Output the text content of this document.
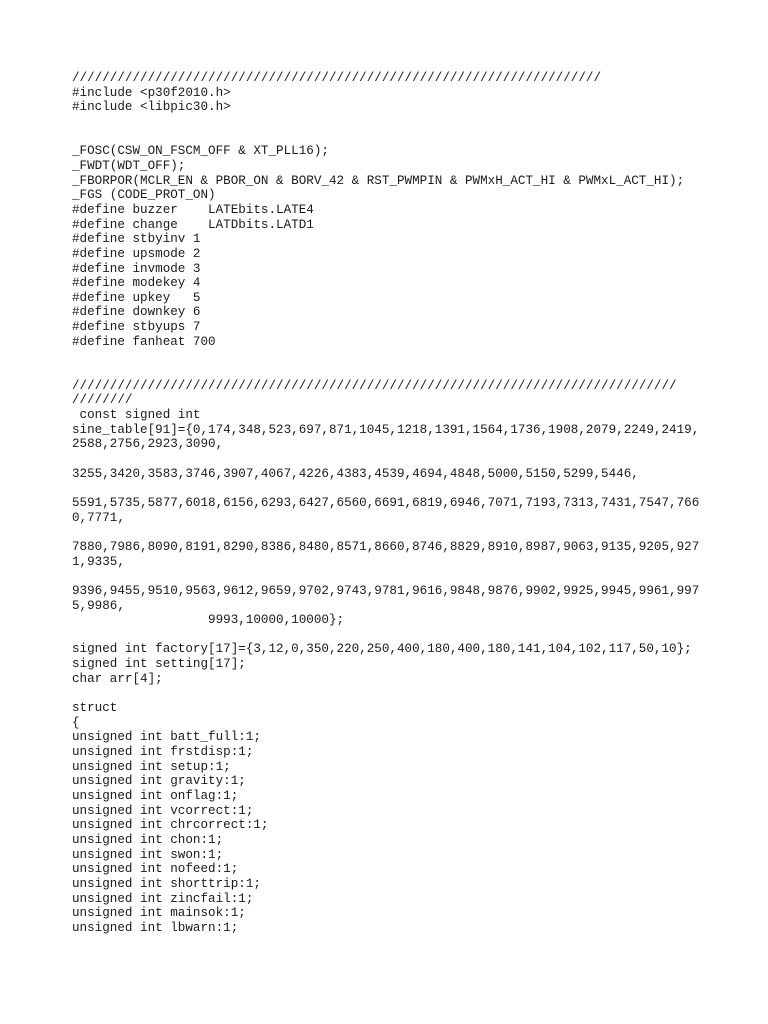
//////////////////////////////////////////////////////////////////////
#include <p30f2010.h>
#include <libpic30.h>
_FOSC(CSW_ON_FSCM_OFF & XT_PLL16);
_FWDT(WDT_OFF);
_FBORPOR(MCLR_EN & PBOR_ON & BORV_42 & RST_PWMPIN & PWMxH_ACT_HI & PWMxL_ACT_HI);
_FGS (CODE_PROT_ON)
#define buzzer    LATEbits.LATE4
#define change    LATDbits.LATD1
#define stbyinv 1
#define upsmode 2
#define invmode 3
#define modekey 4
#define upkey   5
#define downkey 6
#define stbyups 7
#define fanheat 700
////////////////////////////////////////////////////////////////////////////////
////////
const signed int
sine_table[91]={0,174,348,523,697,871,1045,1218,1391,1564,1736,1908,2079,2249,2419,
2588,2756,2923,3090,
3255,3420,3583,3746,3907,4067,4226,4383,4539,4694,4848,5000,5150,5299,5446,
5591,5735,5877,6018,6156,6293,6427,6560,6691,6819,6946,7071,7193,7313,7431,7547,766
0,7771,
7880,7986,8090,8191,8290,8386,8480,8571,8660,8746,8829,8910,8987,9063,9135,9205,927
1,9335,
9396,9455,9510,9563,9612,9659,9702,9743,9781,9616,9848,9876,9902,9925,9945,9961,997
5,9986,
9993,10000,10000};
signed int factory[17]={3,12,0,350,220,250,400,180,400,180,141,104,102,117,50,10};
signed int setting[17];
char arr[4];
struct
{
unsigned int batt_full:1;
unsigned int frstdisp:1;
unsigned int setup:1;
unsigned int gravity:1;
unsigned int onflag:1;
unsigned int vcorrect:1;
unsigned int chrcorrect:1;
unsigned int chon:1;
unsigned int swon:1;
unsigned int nofeed:1;
unsigned int shorttrip:1;
unsigned int zincfail:1;
unsigned int mainsok:1;
unsigned int lbwarn:1;
